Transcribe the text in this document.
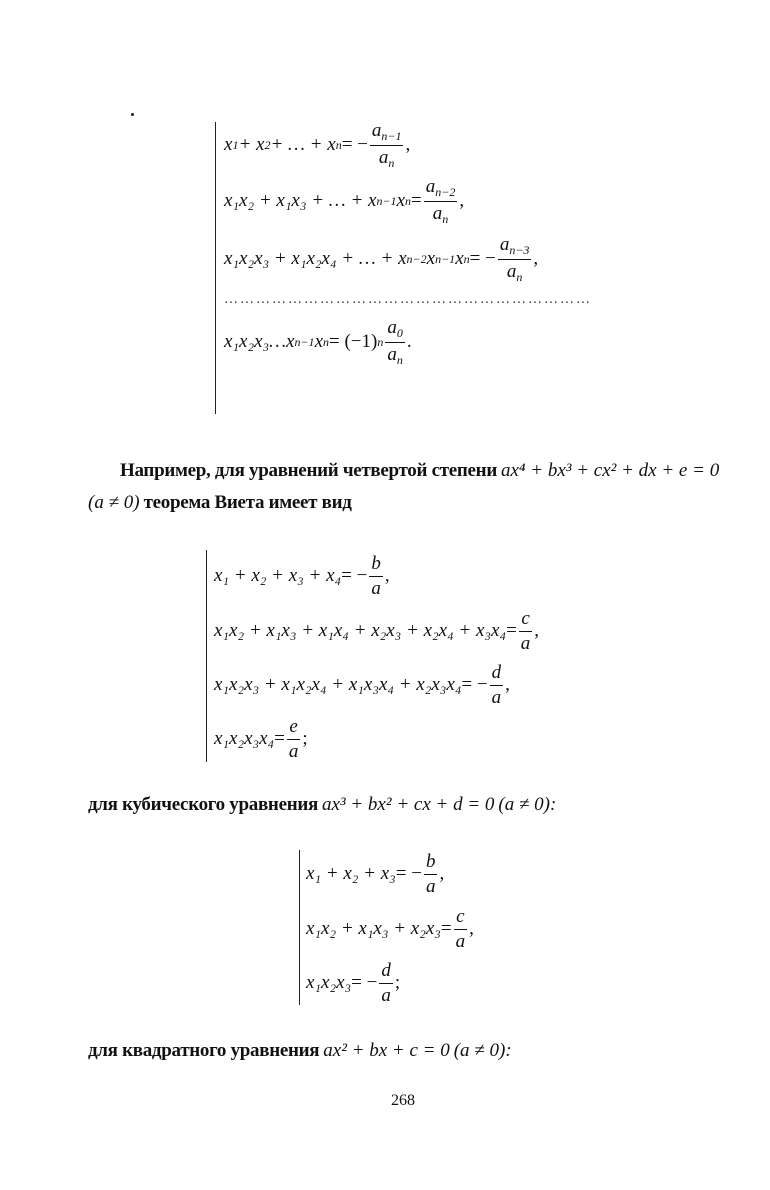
x 1 + x 2 + … + x n = − $\frac{a_{n-1}}{a_n}$ ,
x₁x₂ + x₁x₃ + … + x n−1 x $n = \frac{a_{n-2}}{a_n}$ ,
x₁x₂x₃ + x₁x₂x₄ + … + x n−2 x n−1 x n = − $\frac{a_{n-3}}{a_n}$ ,
……………………………………………………………
x₁x₂x₃…x n−1 x n = (−1) n $\frac{a_0}{a_n}$ .
Например, для уравнений четвертой степени ax⁴ + bx³ + cx² + dx + e = 0
(a ≠ 0) теорема Виета имеет вид
x₁ + x₂ + x₃ + x₄ = − $\frac{b}{a}$ ,
$x_1x_2 + x_1x_3 + x_1x_4 + x_2x_3 + x_2x_4 + x_3x_4 = \frac{c}{a}$ ,
x₁x₂x₃ + x₁x₂x₄ + x₁x₃x₄ + x₂x₃x₄ = − $\frac{d}{a}$ ,
$x_1x_2x_3x_4 = \frac{e}{a}$ ;
для кубического уравнения ax³ + bx² + cx + d = 0 (a ≠ 0):
x₁ + x₂ + x₃ = − $\frac{b}{a}$ ,
$x_1x_2 + x_1x_3 + x_2x_3 = \frac{c}{a}$ ,
x₁x₂x₃ = − $\frac{d}{a}$ ;
для квадратного уравнения ax² + bx + c = 0 (a ≠ 0):
268
